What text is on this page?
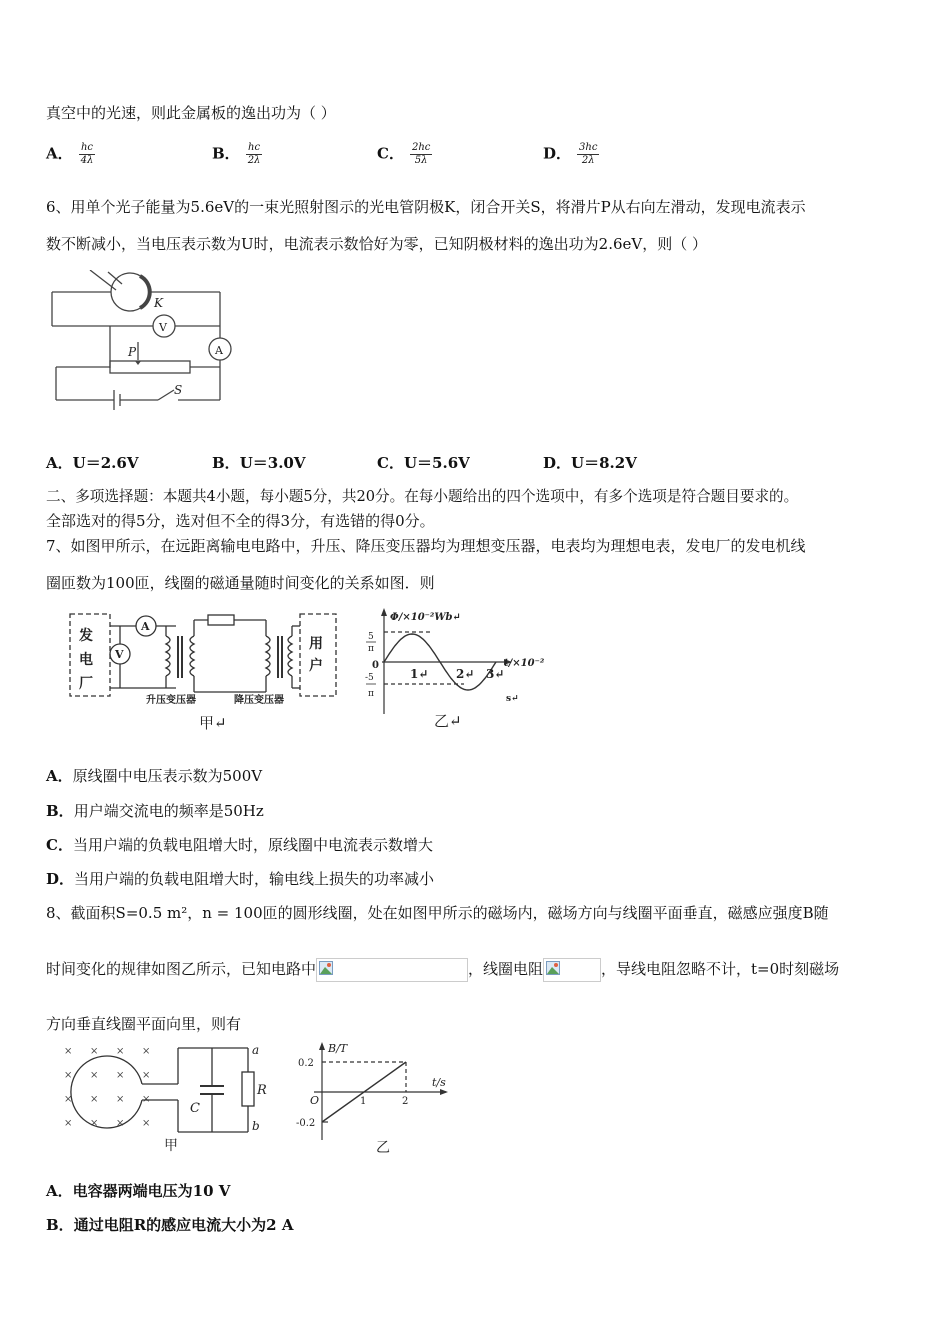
真空中的光速，则此金属板的逸出功为（ ）
A． $\frac{hc}{4\lambda}$	B． $\frac{hc}{2\lambda}$	C． $\frac{2hc}{5\lambda}$	D． $\frac{3hc}{2\lambda}$
6、用单个光子能量为5.6eV的一束光照射图示的光电管阴极K，闭合开关S，将滑片P从右向左滑动，发现电流表示
数不断减小，当电压表示数为U时，电流表示数恰好为零，已知阴极材料的逸出功为2.6eV，则（ ）
K
V
A
P
S
A．U＝2.6V	B．U＝3.0V	C．U＝5.6V	D．U＝8.2V
二、多项选择题：本题共4小题，每小题5分，共20分。在每小题给出的四个选项中，有多个选项是符合题目要求的。
全部选对的得5分，选对但不全的得3分，有选错的得0分。
7、如图甲所示，在远距离输电电路中，升压、降压变压器均为理想变压器，电表均为理想电表，发电厂的发电机线
圈匝数为100匝，线圈的磁通量随时间变化的关系如图．则
发
电
厂
用
户
A
V
升压变压器	降压变压器
甲↵
Φ/×10⁻²Wb↵
5
π
0
-5
π
1↵ 2↵ 3↵
t/×10⁻²
s↵
乙↵
A．原线圈中电压表示数为500V
B．用户端交流电的频率是50Hz
C．当用户端的负载电阻增大时，原线圈中电流表示数增大
D．当用户端的负载电阻增大时，输电线上损失的功率减小
8、截面积S=0.5 m²，n = 100匝的圆形线圈，处在如图甲所示的磁场内，磁场方向与线圈平面垂直，磁感应强度B随
时间变化的规律如图乙所示，已知电路中	，线圈电阻	，导线电阻忽略不计，t=0时刻磁场
方向垂直线圈平面向里，则有
× × × ×
× × × ×
× × × ×
× × × ×
a
b
C
R
甲
B/T
t/s
0.2
-0.2
O	1	2
乙
A．电容器两端电压为10 V
B．通过电阻R的感应电流大小为2 A
